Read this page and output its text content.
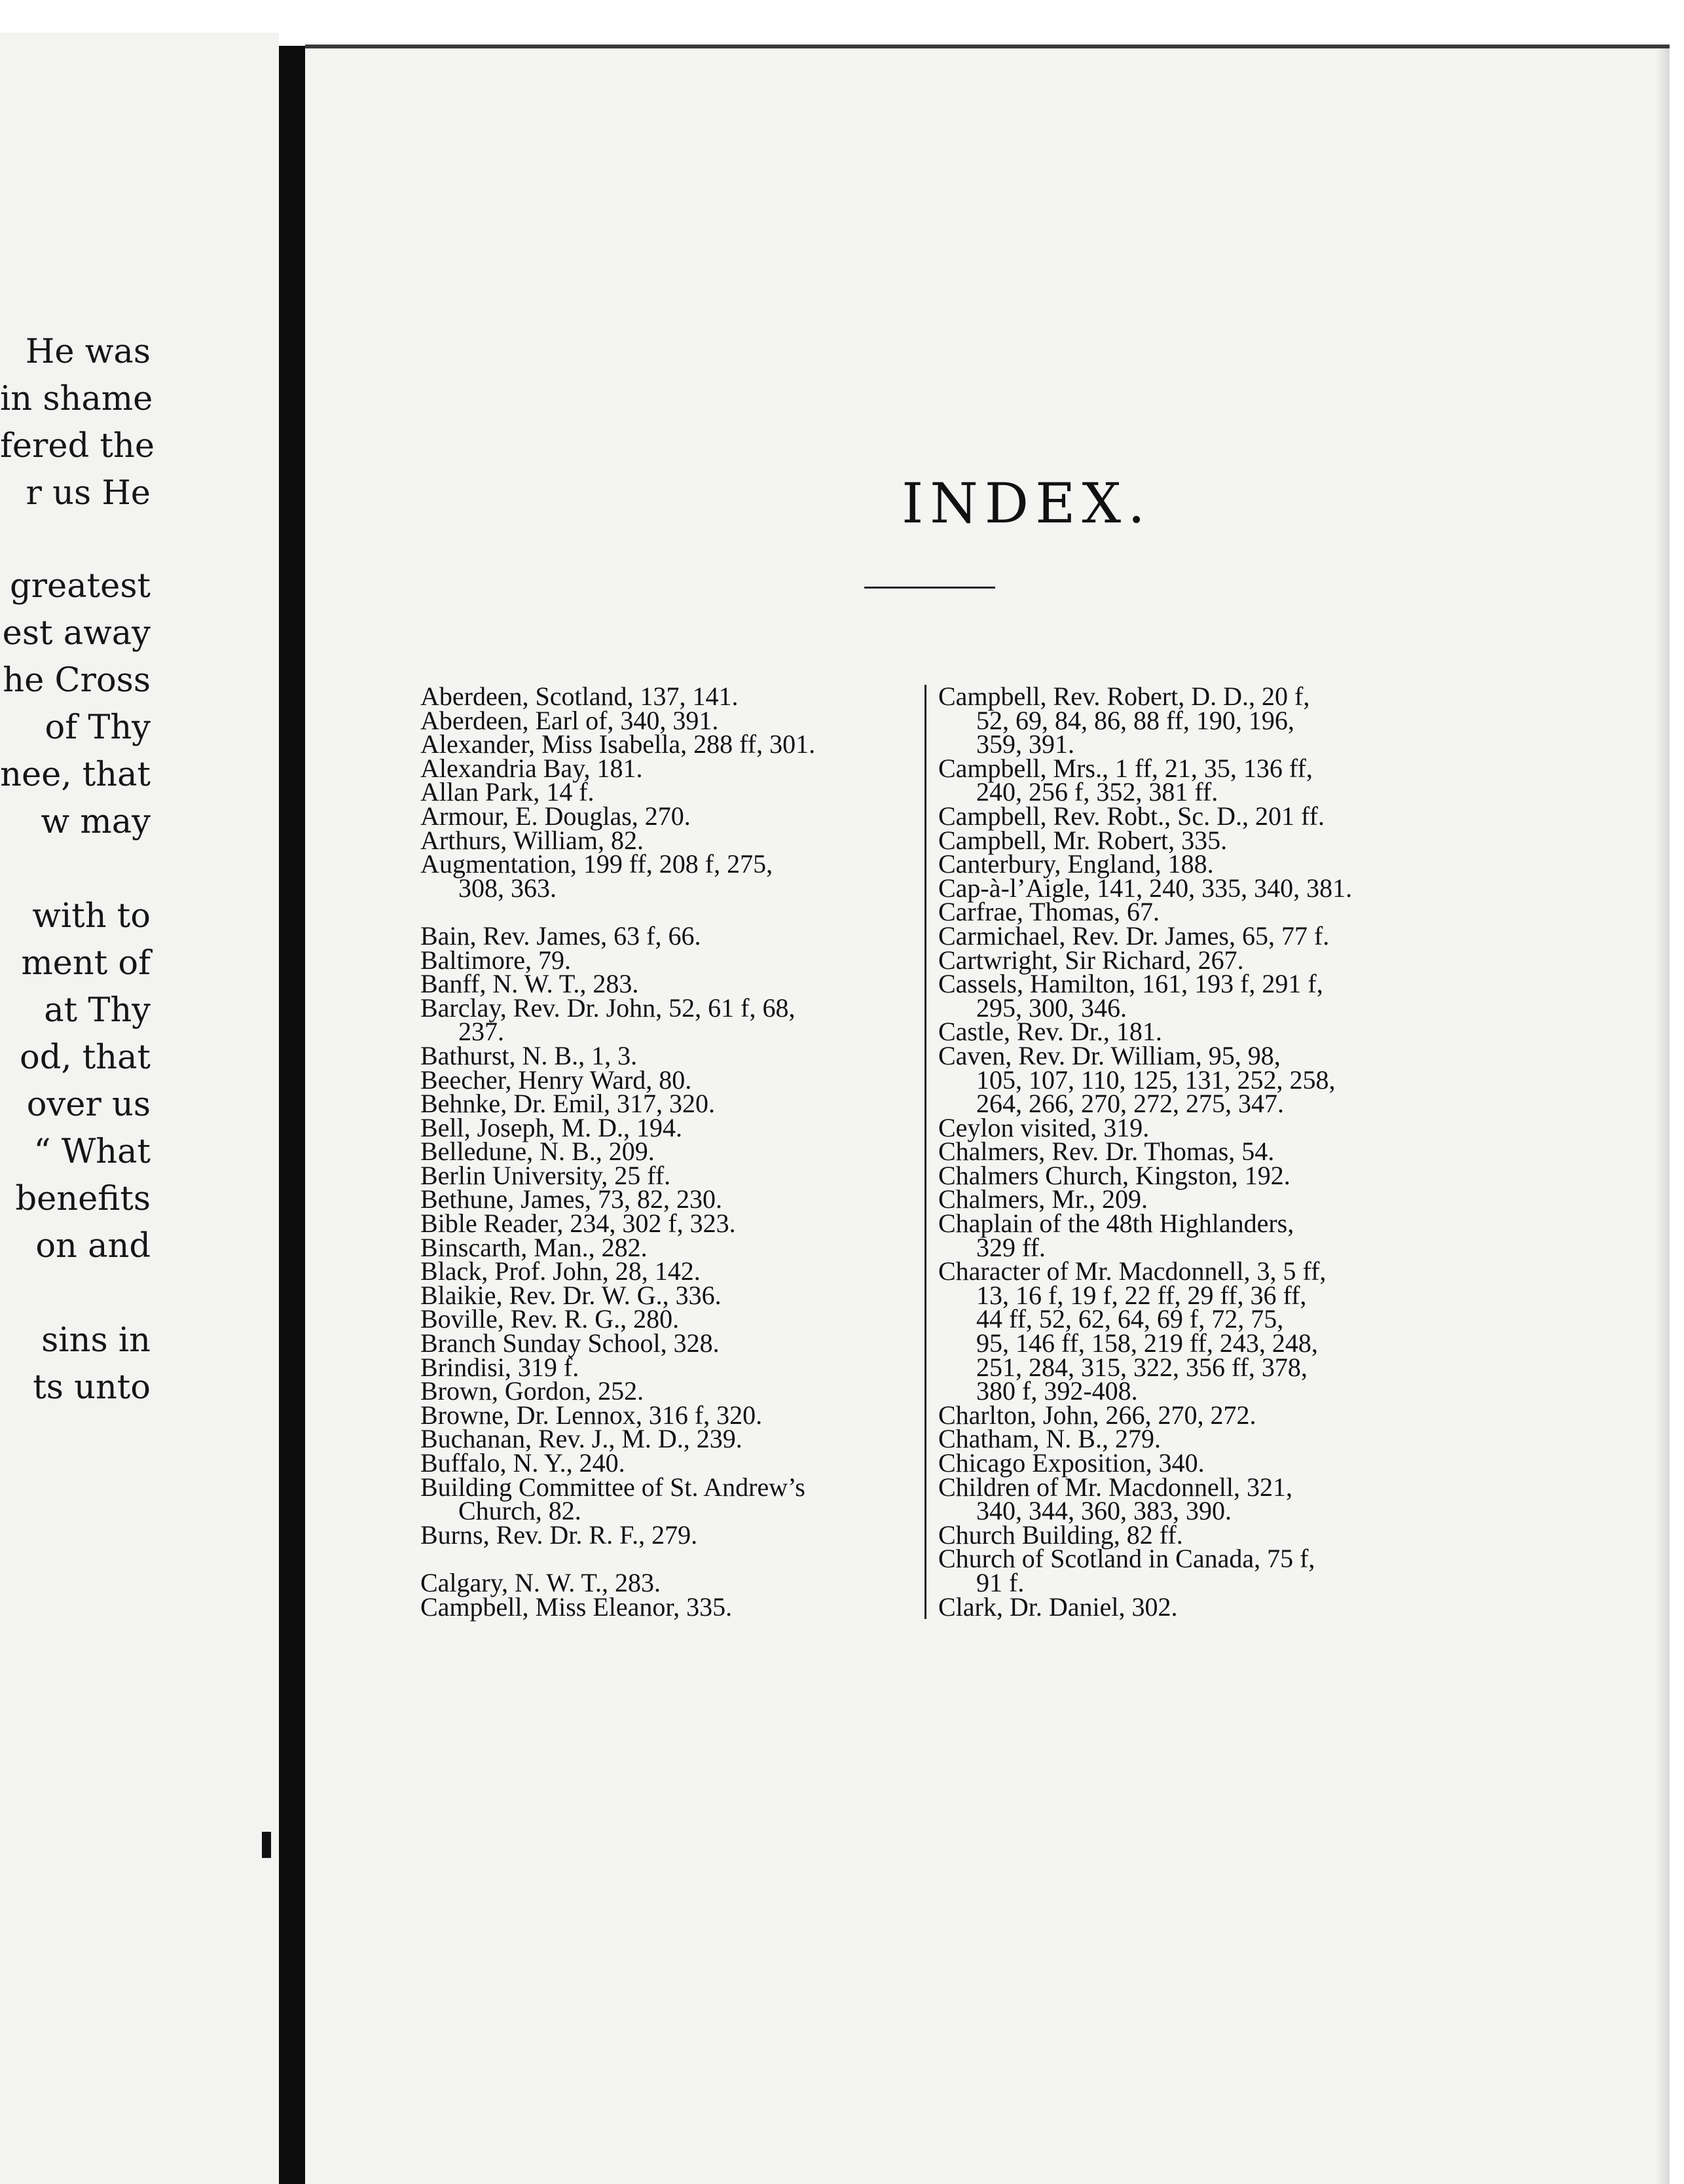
He was
in shame
fered the
r us He
greatest
est away
he Cross
of Thy
nee, that
w may
with to
ment of
at Thy
od, that
over us
“ What
benefits
on and
sins in
ts unto
INDEX.
Aberdeen, Scotland, 137, 141.
Aberdeen, Earl of, 340, 391.
Alexander, Miss Isabella, 288 ff, 301.
Alexandria Bay, 181.
Allan Park, 14 f.
Armour, E. Douglas, 270.
Arthurs, William, 82.
Augmentation, 199 ff, 208 f, 275,
308, 363.
Bain, Rev. James, 63 f, 66.
Baltimore, 79.
Banff, N. W. T., 283.
Barclay, Rev. Dr. John, 52, 61 f, 68,
237.
Bathurst, N. B., 1, 3.
Beecher, Henry Ward, 80.
Behnke, Dr. Emil, 317, 320.
Bell, Joseph, M. D., 194.
Belledune, N. B., 209.
Berlin University, 25 ff.
Bethune, James, 73, 82, 230.
Bible Reader, 234, 302 f, 323.
Binscarth, Man., 282.
Black, Prof. John, 28, 142.
Blaikie, Rev. Dr. W. G., 336.
Boville, Rev. R. G., 280.
Branch Sunday School, 328.
Brindisi, 319 f.
Brown, Gordon, 252.
Browne, Dr. Lennox, 316 f, 320.
Buchanan, Rev. J., M. D., 239.
Buffalo, N. Y., 240.
Building Committee of St. Andrew’s
Church, 82.
Burns, Rev. Dr. R. F., 279.
Calgary, N. W. T., 283.
Campbell, Miss Eleanor, 335.
Campbell, Rev. Robert, D. D., 20 f,
52, 69, 84, 86, 88 ff, 190, 196,
359, 391.
Campbell, Mrs., 1 ff, 21, 35, 136 ff,
240, 256 f, 352, 381 ff.
Campbell, Rev. Robt., Sc. D., 201 ff.
Campbell, Mr. Robert, 335.
Canterbury, England, 188.
Cap-à-l’Aigle, 141, 240, 335, 340, 381.
Carfrae, Thomas, 67.
Carmichael, Rev. Dr. James, 65, 77 f.
Cartwright, Sir Richard, 267.
Cassels, Hamilton, 161, 193 f, 291 f,
295, 300, 346.
Castle, Rev. Dr., 181.
Caven, Rev. Dr. William, 95, 98,
105, 107, 110, 125, 131, 252, 258,
264, 266, 270, 272, 275, 347.
Ceylon visited, 319.
Chalmers, Rev. Dr. Thomas, 54.
Chalmers Church, Kingston, 192.
Chalmers, Mr., 209.
Chaplain of the 48th Highlanders,
329 ff.
Character of Mr. Macdonnell, 3, 5 ff,
13, 16 f, 19 f, 22 ff, 29 ff, 36 ff,
44 ff, 52, 62, 64, 69 f, 72, 75,
95, 146 ff, 158, 219 ff, 243, 248,
251, 284, 315, 322, 356 ff, 378,
380 f, 392-408.
Charlton, John, 266, 270, 272.
Chatham, N. B., 279.
Chicago Exposition, 340.
Children of Mr. Macdonnell, 321,
340, 344, 360, 383, 390.
Church Building, 82 ff.
Church of Scotland in Canada, 75 f,
91 f.
Clark, Dr. Daniel, 302.
